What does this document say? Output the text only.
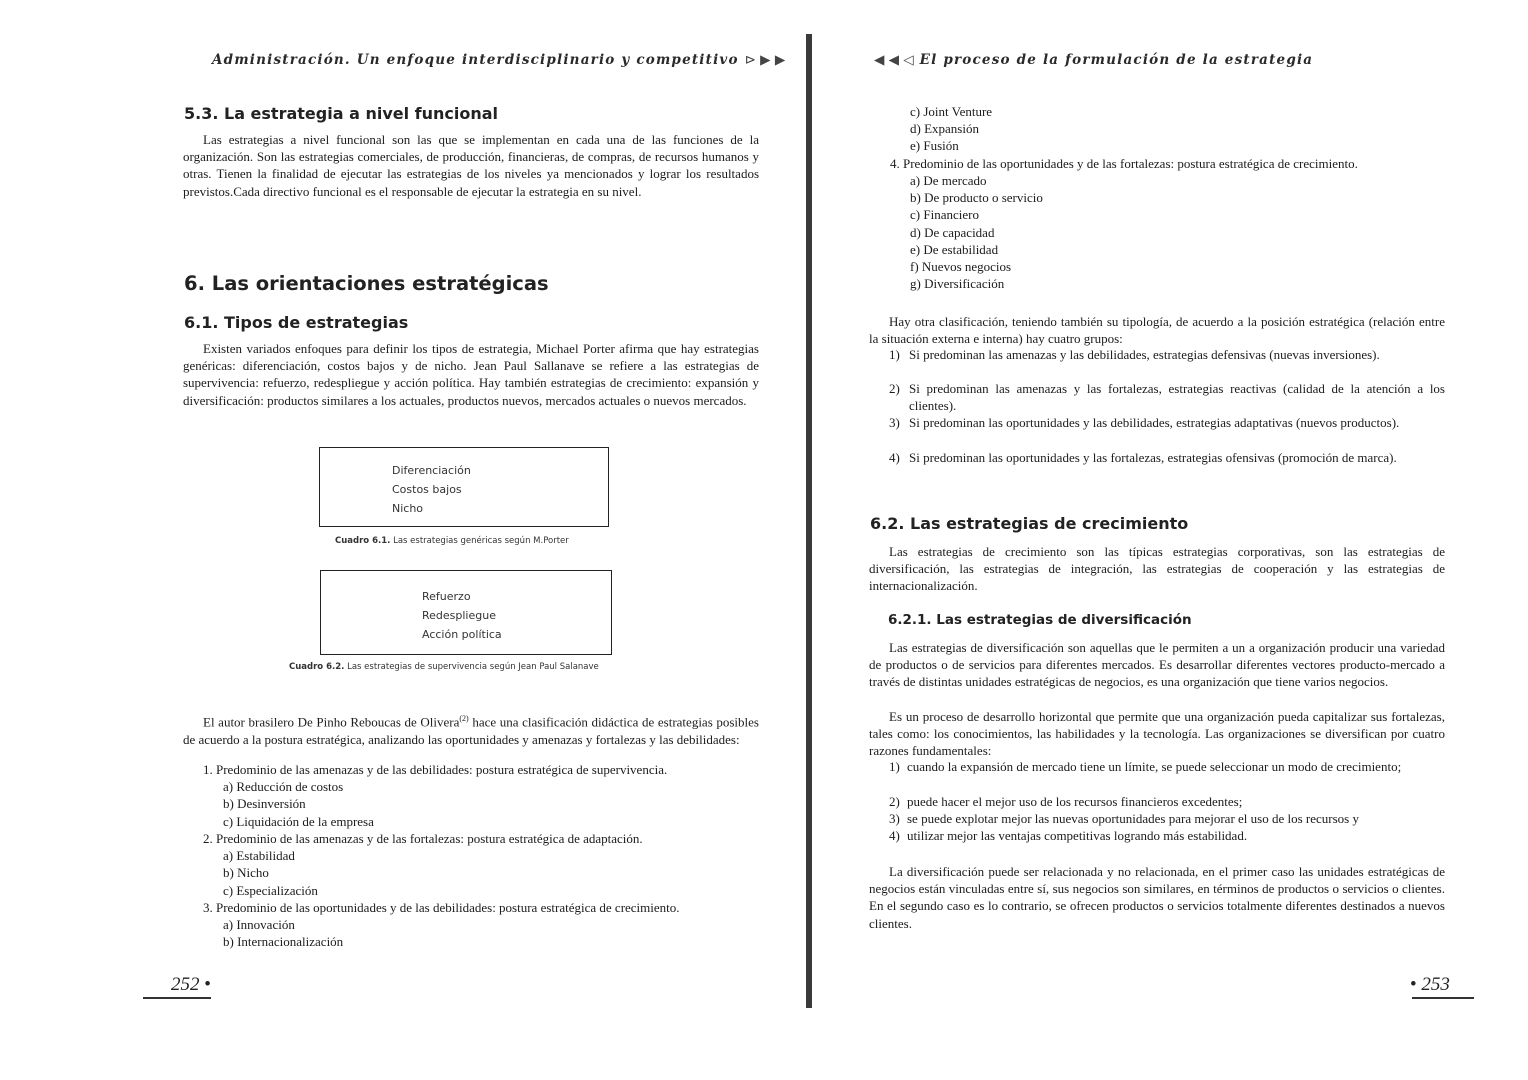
Administración. Un enfoque interdisciplinario y competitivo ⊳ ▶ ▶
5.3. La estrategia a nivel funcional

Las estrategias a nivel funcional son las que se implementan en cada una de las funciones de la organización. Son las estrategias comerciales, de producción, financieras, de compras, de recursos humanos y otras. Tienen la finalidad de ejecutar las estrategias de los niveles ya mencionados y lograr los resultados previstos.Cada directivo funcional es el responsable de ejecutar la estrategia en su nivel.

6. Las orientaciones estratégicas
6.1. Tipos de estrategias

Existen variados enfoques para definir los tipos de estrategia, Michael Porter afirma que hay estrategias genéricas: diferenciación, costos bajos y de nicho. Jean Paul Sallanave se refiere a las estrategias de supervivencia: refuerzo, redespliegue y acción política. Hay también estrategias de crecimiento: expansión y diversificación: productos similares a los actuales, productos nuevos, mercados actuales o nuevos mercados.

Diferenciación
Costos bajos
Nicho
Cuadro 6.1. Las estrategias genéricas según M.Porter
Refuerzo
Redespliegue
Acción política
Cuadro 6.2. Las estrategias de supervivencia según Jean Paul Salanave

El autor brasilero De Pinho Reboucas de Olivera$^{(2)}$ hace una clasificación didáctica de estrategias posibles de acuerdo a la postura estratégica, analizando las oportunidades y amenazas y fortalezas y las debilidades:

1. Predominio de las amenazas y de las debilidades: postura estratégica de supervivencia.
a) Reducción de costos
b) Desinversión
c) Liquidación de la empresa
2. Predominio de las amenazas y de las fortalezas: postura estratégica de adaptación.
a) Estabilidad
b) Nicho
c) Especialización
3. Predominio de las oportunidades y de las debilidades: postura estratégica de crecimiento.
a) Innovación
b) Internacionalización
252 •
◀ ◀ ◁ El proceso de la formulación de la estrategia
c) Joint Venture
d) Expansión
e) Fusión
4. Predominio de las oportunidades y de las fortalezas: postura estratégica de crecimiento.
a) De mercado
b) De producto o servicio
c) Financiero
d) De capacidad
e) De estabilidad
f) Nuevos negocios
g) Diversificación

Hay otra clasificación, teniendo también su tipología, de acuerdo a la posición estratégica (relación entre la situación externa e interna) hay cuatro grupos:

1) Si predominan las amenazas y las debilidades, estrategias defensivas (nuevas inversiones).
2) Si predominan las amenazas y las fortalezas, estrategias reactivas (calidad de la atención a los clientes).
3) Si predominan las oportunidades y las debilidades, estrategias adaptativas (nuevos productos).
4) Si predominan las oportunidades y las fortalezas, estrategias ofensivas (promoción de marca).
6.2. Las estrategias de crecimiento

Las estrategias de crecimiento son las típicas estrategias corporativas, son las estrategias de diversificación, las estrategias de integración, las estrategias de cooperación y las estrategias de internacionalización.

6.2.1. Las estrategias de diversificación

Las estrategias de diversificación son aquellas que le permiten a un a organización producir una variedad de productos o de servicios para diferentes mercados. Es desarrollar diferentes vectores producto-mercado a través de distintas unidades estratégicas de negocios, es una organización que tiene varios negocios.

Es un proceso de desarrollo horizontal que permite que una organización pueda capitalizar sus fortalezas, tales como: los conocimientos, las habilidades y la tecnología. Las organizaciones se diversifican por cuatro razones fundamentales:

1) cuando la expansión de mercado tiene un límite, se puede seleccionar un modo de crecimiento;
2) puede hacer el mejor uso de los recursos financieros excedentes;
3) se puede explotar mejor las nuevas oportunidades para mejorar el uso de los recursos y
4) utilizar mejor las ventajas competitivas logrando más estabilidad.

La diversificación puede ser relacionada y no relacionada, en el primer caso las unidades estratégicas de negocios están vinculadas entre sí, sus negocios son similares, en términos de productos o servicios o clientes. En el segundo caso es lo contrario, se ofrecen productos o servicios totalmente diferentes destinados a nuevos clientes.

• 253
